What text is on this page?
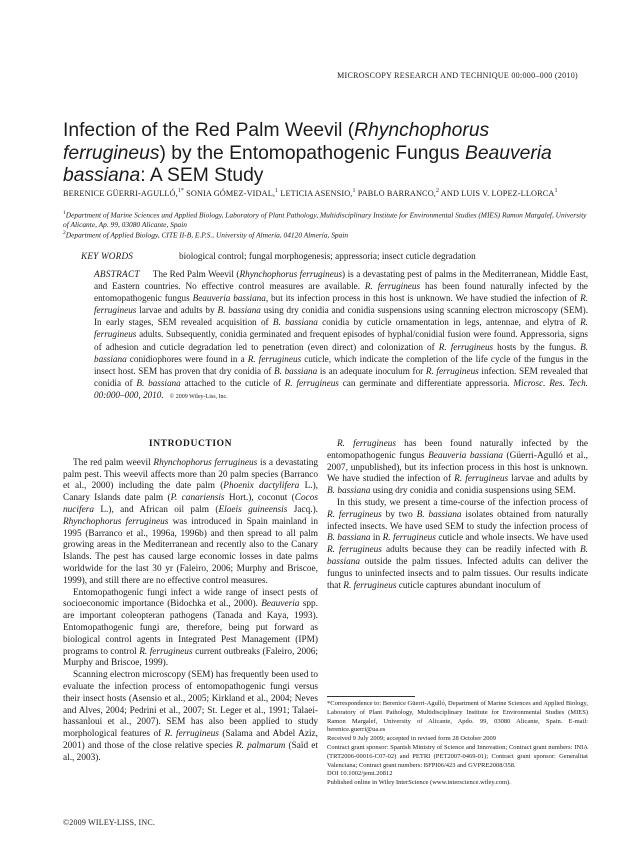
MICROSCOPY RESEARCH AND TECHNIQUE 00:000–000 (2010)
Infection of the Red Palm Weevil (Rhynchophorus ferrugineus) by the Entomopathogenic Fungus Beauveria bassiana: A SEM Study
BERENICE GÜERRI-AGULLÓ,$^{1*}$ SONIA GÓMEZ-VIDAL,$^1$ LETICIA ASENSIO,$^1$ PABLO BARRANCO,$^2$ AND LUIS V. LOPEZ-LLORCA$^1$
$^1$Department of Marine Sciences and Applied Biology, Laboratory of Plant Pathology, Multidisciplinary Institute for Environmental Studies (MIES) Ramon Margalef, University of Alicante, Ap. 99, 03080 Alicante, Spain
$^2$Department of Applied Biology, CITE II-B, E.P.S., University of Almería, 04120 Almería, Spain
KEY WORDS	biological control; fungal morphogenesis; appressoria; insect cuticle degradation

ABSTRACT The Red Palm Weevil (Rhynchophorus ferrugineus) is a devastating pest of palms in the Mediterranean, Middle East, and Eastern countries. No effective control measures are available. R. ferrugineus has been found naturally infected by the entomopathogenic fungus Beauveria bassiana, but its infection process in this host is unknown. We have studied the infection of R. ferrugineus larvae and adults by B. bassiana using dry conidia and conidia suspensions using scanning electron microscopy (SEM). In early stages, SEM revealed acquisition of B. bassiana conidia by cuticle ornamentation in legs, antennae, and elytra of R. ferrugineus adults. Subsequently, conidia germinated and frequent episodes of hyphal/conidial fusion were found. Appressoria, signs of adhesion and cuticle degradation led to penetration (even direct) and colonization of R. ferrugineus hosts by the fungus. B. bassiana conidiophores were found in a R. ferrugineus cuticle, which indicate the completion of the life cycle of the fungus in the insect host. SEM has proven that dry conidia of B. bassiana is an adequate inoculum for R. ferrugineus infection. SEM revealed that conidia of B. bassiana attached to the cuticle of R. ferrugineus can germinate and differentiate appressoria. Microsc. Res. Tech. 00:000–000, 2010. © 2009 Wiley-Liss, Inc.

INTRODUCTION

The red palm weevil Rhynchophorus ferrugineus is a devastating palm pest. This weevil affects more than 20 palm species (Barranco et al., 2000) including the date palm (Phoenix dactylifera L.), Canary Islands date palm (P. canariensis Hort.), coconut (Cocos nucifera L.), and African oil palm (Elaeis guineensis Jacq.). Rhynchophorus ferrugineus was introduced in Spain mainland in 1995 (Barranco et al., 1996a, 1996b) and then spread to all palm growing areas in the Mediterranean and recently also to the Canary Islands. The pest has caused large economic losses in date palms worldwide for the last 30 yr (Faleiro, 2006; Murphy and Briscoe, 1999), and still there are no effective control measures.

Entomopathogenic fungi infect a wide range of insect pests of socioeconomic importance (Bidochka et al., 2000). Beauveria spp. are important coleopteran pathogens (Tanada and Kaya, 1993). Entomopathogenic fungi are, therefore, being put forward as biological control agents in Integrated Pest Management (IPM) programs to control R. ferrugineus current outbreaks (Faleiro, 2006; Murphy and Briscoe, 1999).

Scanning electron microscopy (SEM) has frequently been used to evaluate the infection process of entomopathogenic fungi versus their insect hosts (Asensio et al., 2005; Kirkland et al., 2004; Neves and Alves, 2004; Pedrini et al., 2007; St. Leger et al., 1991; Talaei-hassanloui et al., 2007). SEM has also been applied to study morphological features of R. ferrugineus (Salama and Abdel Aziz, 2001) and those of the close relative species R. palmarum (Saïd et al., 2003).

R. ferrugineus has been found naturally infected by the entomopathogenic fungus Beauveria bassiana (Güerri-Agulló et al., 2007, unpublished), but its infection process in this host is unknown. We have studied the infection of R. ferrugineus larvae and adults by B. bassiana using dry conidia and conidia suspensions using SEM.

In this study, we present a time-course of the infection process of R. ferrugineus by two B. bassiana isolates obtained from naturally infected insects. We have used SEM to study the infection process of B. bassiana in R. ferrugineus cuticle and whole insects. We have used R. ferrugineus adults because they can be readily infected with B. bassiana outside the palm tissues. Infected adults can deliver the fungus to uninfected insects and to palm tissues. Our results indicate that R. ferrugineus cuticle captures abundant inoculum of

*Correspondence to: Berenice Güerri-Agulló, Department of Marine Sciences and Applied Biology, Laboratory of Plant Pathology, Multidisciplinary Institute for Environmental Studies (MIES) Ramon Margalef, University of Alicante, Apdo. 99, 03080 Alicante, Spain. E-mail: berenice.guerri@ua.es

Received 9 July 2009; accepted in revised form 28 October 2009

Contract grant sponsor: Spanish Ministry of Science and Innovation; Contract grant numbers: INIA (TRT2006-00016-C07-02) and PETRI (PET2007-0469-01); Contract grant sponsor: Generalitat Valenciana; Contract grant numbers: BFPI06/423 and GVPRE2008/358.

DOI 10.1002/jemt.20812

Published online in Wiley InterScience (www.interscience.wiley.com).

©2009 WILEY-LISS, INC.
